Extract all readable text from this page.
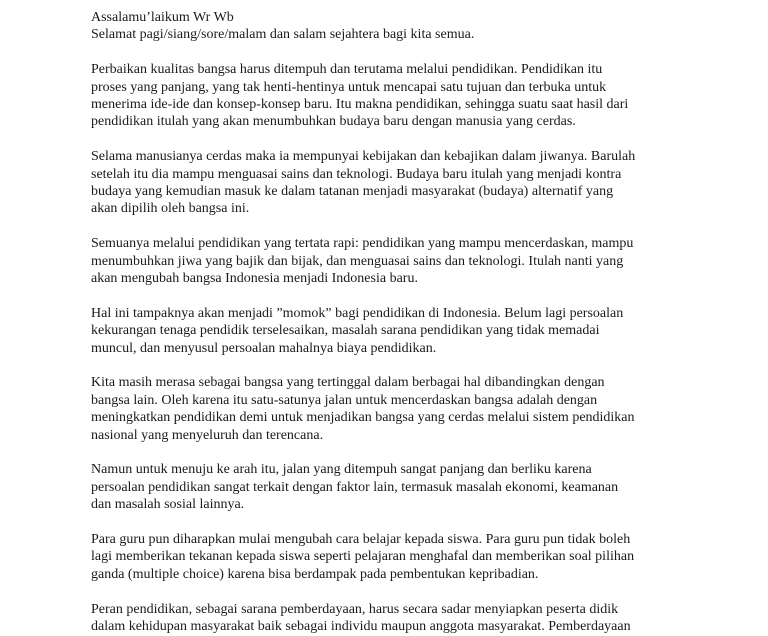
Assalamu’laikum Wr Wb
Selamat pagi/siang/sore/malam dan salam sejahtera bagi kita semua.
Perbaikan kualitas bangsa harus ditempuh dan terutama melalui pendidikan. Pendidikan itu
proses yang panjang, yang tak henti-hentinya untuk mencapai satu tujuan dan terbuka untuk
menerima ide-ide dan konsep-konsep baru. Itu makna pendidikan, sehingga suatu saat hasil dari
pendidikan itulah yang akan menumbuhkan budaya baru dengan manusia yang cerdas.
Selama manusianya cerdas maka ia mempunyai kebijakan dan kebajikan dalam jiwanya. Barulah
setelah itu dia mampu menguasai sains dan teknologi. Budaya baru itulah yang menjadi kontra
budaya yang kemudian masuk ke dalam tatanan menjadi masyarakat (budaya) alternatif yang
akan dipilih oleh bangsa ini.
Semuanya melalui pendidikan yang tertata rapi: pendidikan yang mampu mencerdaskan, mampu
menumbuhkan jiwa yang bajik dan bijak, dan menguasai sains dan teknologi. Itulah nanti yang
akan mengubah bangsa Indonesia menjadi Indonesia baru.
Hal ini tampaknya akan menjadi ”momok” bagi pendidikan di Indonesia. Belum lagi persoalan
kekurangan tenaga pendidik terselesaikan, masalah sarana pendidikan yang tidak memadai
muncul, dan menyusul persoalan mahalnya biaya pendidikan.
Kita masih merasa sebagai bangsa yang tertinggal dalam berbagai hal dibandingkan dengan
bangsa lain. Oleh karena itu satu-satunya jalan untuk mencerdaskan bangsa adalah dengan
meningkatkan pendidikan demi untuk menjadikan bangsa yang cerdas melalui sistem pendidikan
nasional yang menyeluruh dan terencana.
Namun untuk menuju ke arah itu, jalan yang ditempuh sangat panjang dan berliku karena
persoalan pendidikan sangat terkait dengan faktor lain, termasuk masalah ekonomi, keamanan
dan masalah sosial lainnya.
Para guru pun diharapkan mulai mengubah cara belajar kepada siswa. Para guru pun tidak boleh
lagi memberikan tekanan kepada siswa seperti pelajaran menghafal dan memberikan soal pilihan
ganda (multiple choice) karena bisa berdampak pada pembentukan kepribadian.
Peran pendidikan, sebagai sarana pemberdayaan, harus secara sadar menyiapkan peserta didik
dalam kehidupan masyarakat baik sebagai individu maupun anggota masyarakat. Pemberdayaan
